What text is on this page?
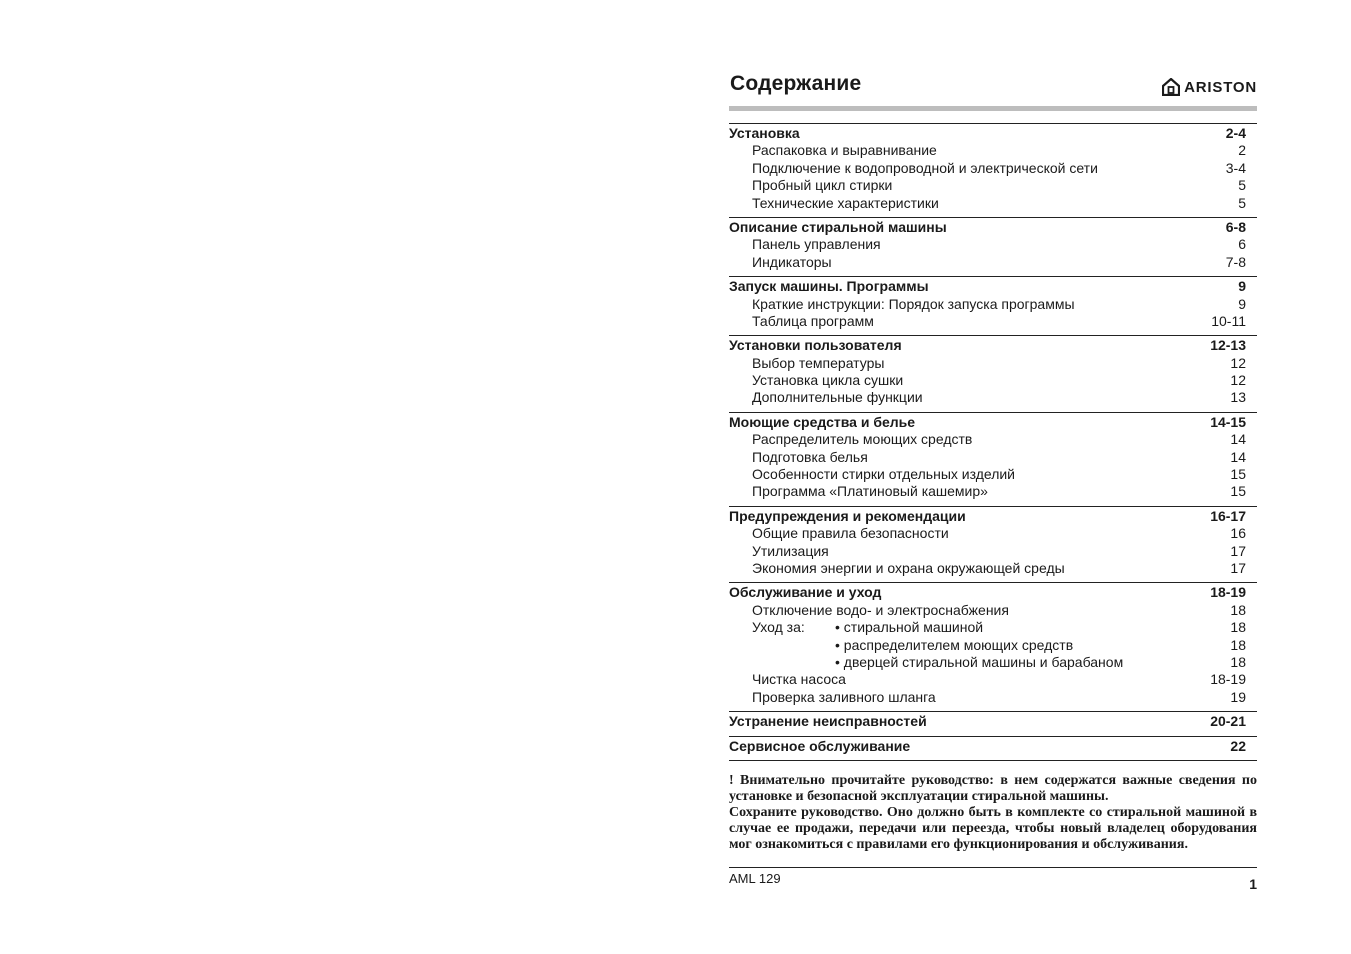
Содержание	ARISTON
Установка	2-4
Распаковка и выравнивание	2
Подключение к водопроводной и электрической сети	3-4
Пробный цикл стирки	5
Технические характеристики	5
Описание стиральной машины	6-8
Панель управления	6
Индикаторы	7-8
Запуск машины. Программы	9
Краткие инструкции: Порядок запуска программы	9
Таблица программ	10-11
Установки пользователя	12-13
Выбор температуры	12
Установка цикла сушки	12
Дополнительные функции	13
Моющие средства и белье	14-15
Распределитель моющих средств	14
Подготовка белья	14
Особенности стирки отдельных изделий	15
Программа «Платиновый кашемир»	15
Предупреждения и рекомендации	16-17
Общие правила безопасности	16
Утилизация	17
Экономия энергии и охрана окружающей среды	17
Обслуживание и уход	18-19
Отключение водо- и электроснабжения	18
Уход за: • стиральной машиной	18
• распределителем моющих средств	18
• дверцей стиральной машины и барабаном	18
Чистка насоса	18-19
Проверка заливного шланга	19
Устранение неисправностей	20-21
Сервисное обслуживание	22

! Внимательно прочитайте руководство: в нем содержатся важные сведения по установке и безопасной эксплуатации стиральной машины.

Сохраните руководство. Оно должно быть в комплекте со стиральной машиной в случае ее продажи, передачи или переезда, чтобы новый владелец оборудования мог ознакомиться с правилами его функционирования и обслуживания.

AML 129	1
